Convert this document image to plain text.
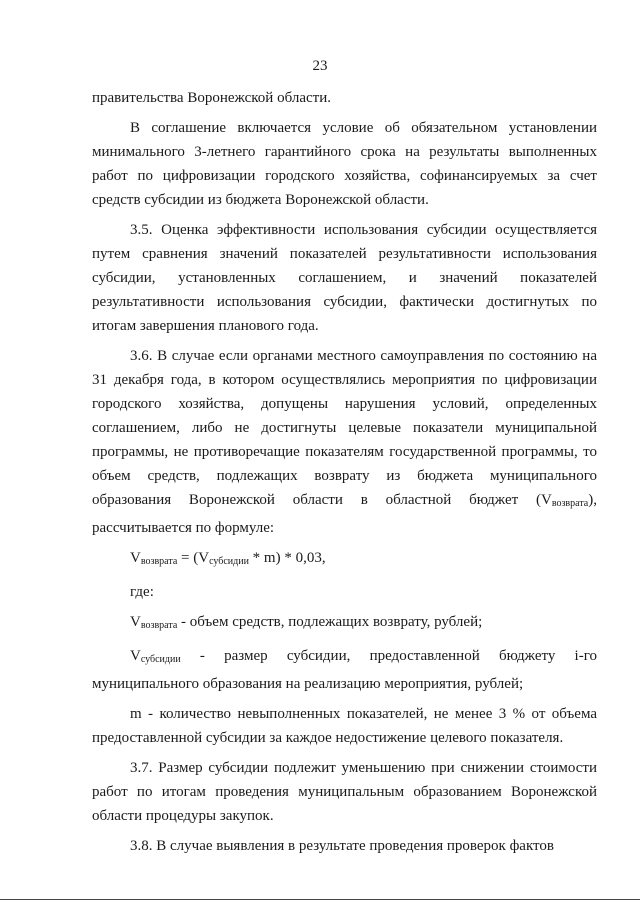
23

правительства Воронежской области.

В соглашение включается условие об обязательном установлении минимального 3-летнего гарантийного срока на результаты выполненных работ по цифровизации городского хозяйства, софинансируемых за счет средств субсидии из бюджета Воронежской области.

3.5. Оценка эффективности использования субсидии осуществляется путем сравнения значений показателей результативности использования субсидии, установленных соглашением, и значений показателей результативности использования субсидии, фактически достигнутых по итогам завершения планового года.

3.6. В случае если органами местного самоуправления по состоянию на 31 декабря года, в котором осуществлялись мероприятия по цифровизации городского хозяйства, допущены нарушения условий, определенных соглашением, либо не достигнуты целевые показатели муниципальной программы, не противоречащие показателям государственной программы, то объем средств, подлежащих возврату из бюджета муниципального образования Воронежской области в областной бюджет $(V_{возврата})$, рассчитывается по формуле:

$V_{возврата} = (V_{субсидии} * m) * 0,03$,

где:

$V_{возврата}$ - объем средств, подлежащих возврату, рублей;

$V_{субсидии}$ - размер субсидии, предоставленной бюджету i-го муниципального образования на реализацию мероприятия, рублей;

m - количество невыполненных показателей, не менее 3 % от объема предоставленной субсидии за каждое недостижение целевого показателя.

3.7. Размер субсидии подлежит уменьшению при снижении стоимости работ по итогам проведения муниципальным образованием Воронежской области процедуры закупок.

3.8. В случае выявления в результате проведения проверок фактов
